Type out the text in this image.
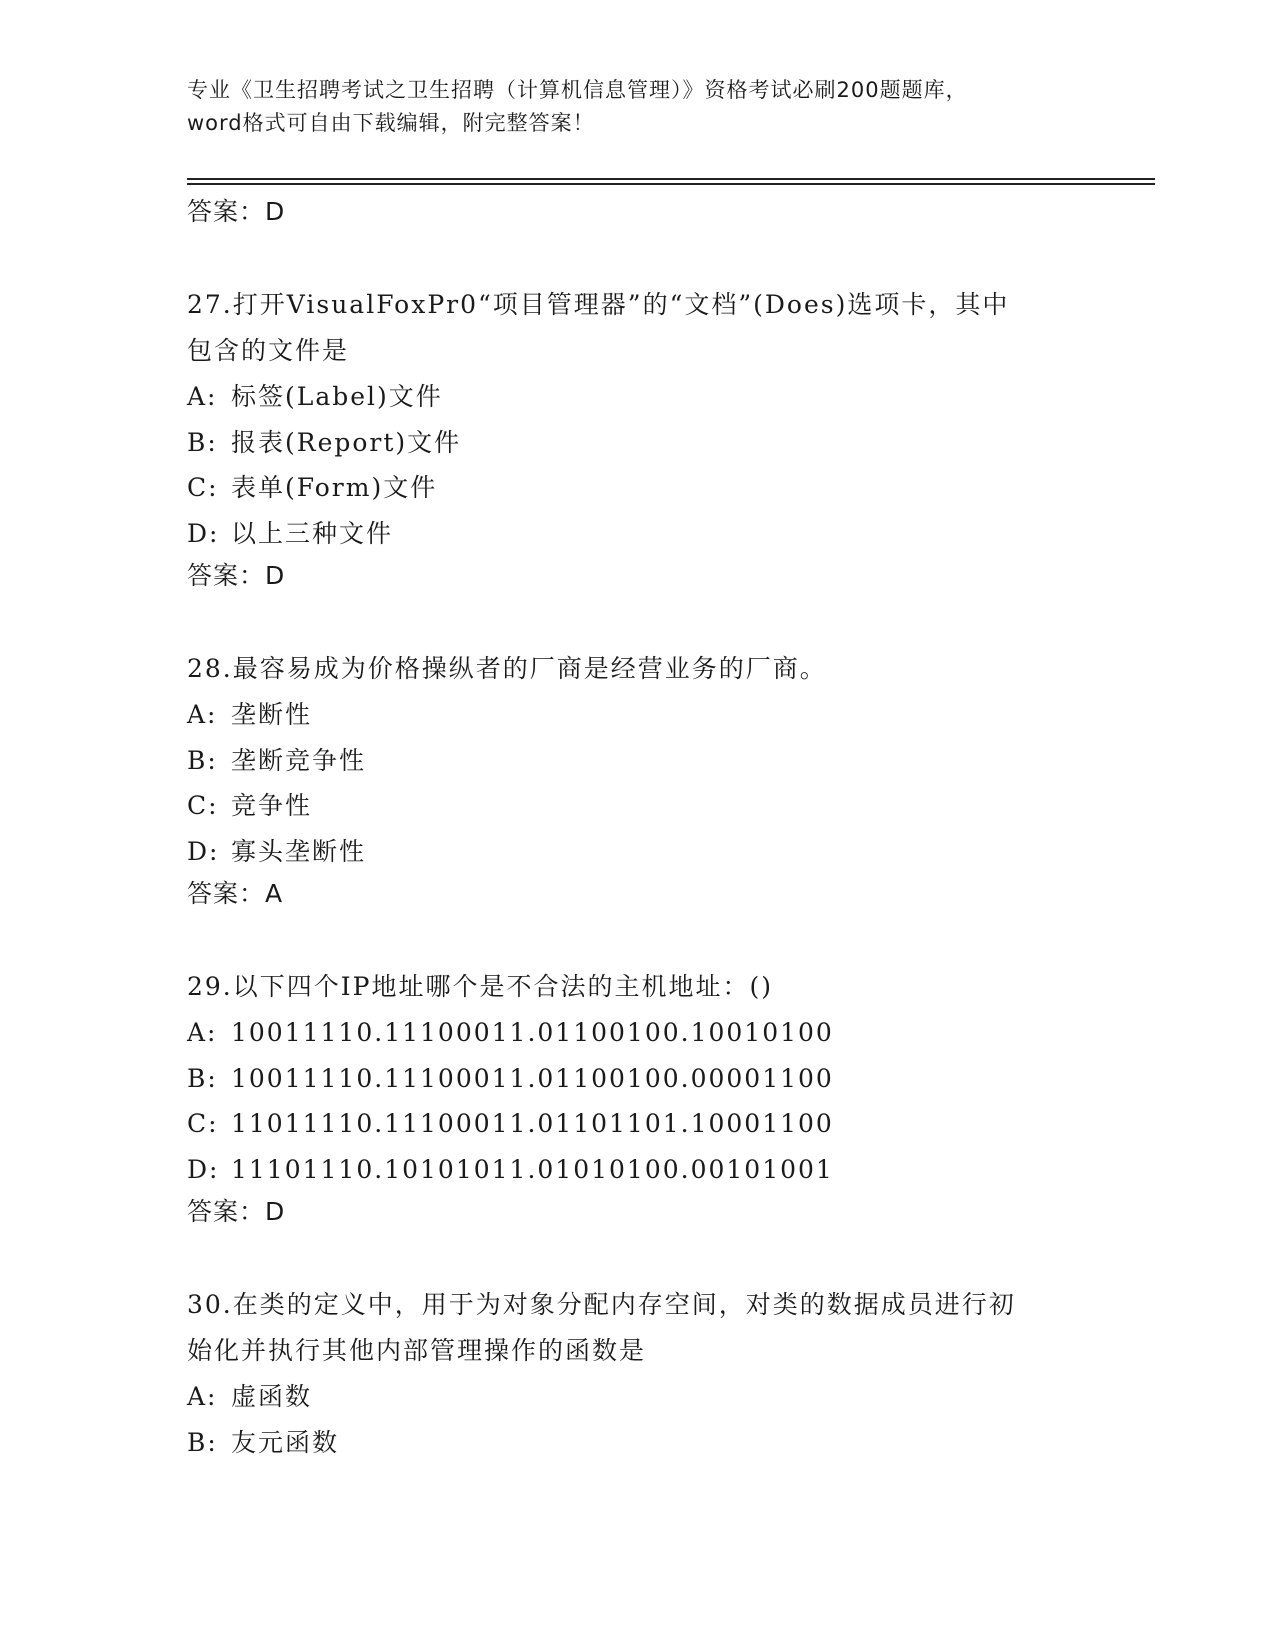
专业《卫生招聘考试之卫生招聘（计算机信息管理）》资格考试必刷200题题库，
word格式可自由下载编辑，附完整答案！
答案：D
27.打开VisualFoxPr0“项目管理器”的“文档”(Does)选项卡，其中
包含的文件是
A: 标签(Label)文件
B: 报表(Report)文件
C: 表单(Form)文件
D: 以上三种文件
答案：D
28.最容易成为价格操纵者的厂商是经营业务的厂商。
A: 垄断性
B: 垄断竞争性
C: 竞争性
D: 寡头垄断性
答案：A
29.以下四个IP地址哪个是不合法的主机地址：()
A: 10011110.11100011.01100100.10010100
B: 10011110.11100011.01100100.00001100
C: 11011110.11100011.01101101.10001100
D: 11101110.10101011.01010100.00101001
答案：D
30.在类的定义中，用于为对象分配内存空间，对类的数据成员进行初
始化并执行其他内部管理操作的函数是
A: 虚函数
B: 友元函数
